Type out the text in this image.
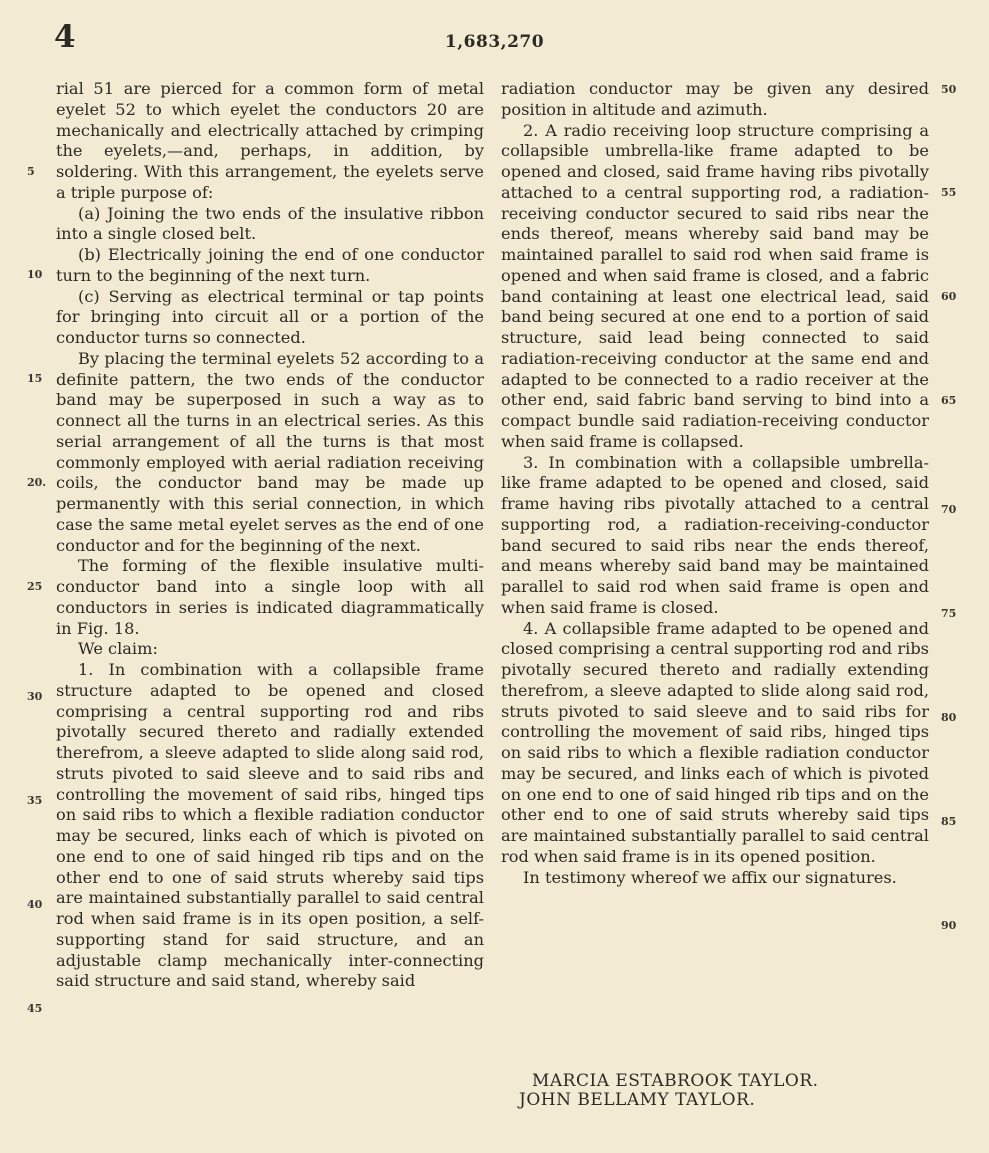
4	1,683,270

rial 51 are pierced for a common form of metal eyelet 52 to which eyelet the conductors 20 are mechanically and electrically attached by crimping the eyelets,—and, perhaps, in addition, by soldering. With this arrangement, the eyelets serve a triple purpose of:

(a) Joining the two ends of the insulative ribbon into a single closed belt.

(b) Electrically joining the end of one conductor turn to the beginning of the next turn.

(c) Serving as electrical terminal or tap points for bringing into circuit all or a portion of the conductor turns so connected.

By placing the terminal eyelets 52 according to a definite pattern, the two ends of the conductor band may be superposed in such a way as to connect all the turns in an electrical series. As this serial arrangement of all the turns is that most commonly employed with aerial radiation receiving coils, the conductor band may be made up permanently with this serial connection, in which case the same metal eyelet serves as the end of one conductor and for the beginning of the next.

The forming of the flexible insulative multi-conductor band into a single loop with all conductors in series is indicated diagrammatically in Fig. 18.

We claim:

1. In combination with a collapsible frame structure adapted to be opened and closed comprising a central supporting rod and ribs pivotally secured thereto and radially extended therefrom, a sleeve adapted to slide along said rod, struts pivoted to said sleeve and to said ribs and controlling the movement of said ribs, hinged tips on said ribs to which a flexible radiation conductor may be secured, links each of which is pivoted on one end to one of said hinged rib tips and on the other end to one of said struts whereby said tips are maintained substantially parallel to said central rod when said frame is in its open position, a self-supporting stand for said structure, and an adjustable clamp mechanically inter-connecting said structure and said stand, whereby said

radiation conductor may be given any desired position in altitude and azimuth.

2. A radio receiving loop structure comprising a collapsible umbrella-like frame adapted to be opened and closed, said frame having ribs pivotally attached to a central supporting rod, a radiation-receiving conductor secured to said ribs near the ends thereof, means whereby said band may be maintained parallel to said rod when said frame is opened and when said frame is closed, and a fabric band containing at least one electrical lead, said band being secured at one end to a portion of said structure, said lead being connected to said radiation-receiving conductor at the same end and adapted to be connected to a radio receiver at the other end, said fabric band serving to bind into a compact bundle said radiation-receiving conductor when said frame is collapsed.

3. In combination with a collapsible umbrella-like frame adapted to be opened and closed, said frame having ribs pivotally attached to a central supporting rod, a radiation-receiving-conductor band secured to said ribs near the ends thereof, and means whereby said band may be maintained parallel to said rod when said frame is open and when said frame is closed.

4. A collapsible frame adapted to be opened and closed comprising a central supporting rod and ribs pivotally secured thereto and radially extending therefrom, a sleeve adapted to slide along said rod, struts pivoted to said sleeve and to said ribs for controlling the movement of said ribs, hinged tips on said ribs to which a flexible radiation conductor may be secured, and links each of which is pivoted on one end to one of said hinged rib tips and on the other end to one of said struts whereby said tips are maintained substantially parallel to said central rod when said frame is in its opened position.

In testimony whereof we affix our signatures.

MARCIA ESTABROOK TAYLOR.
JOHN BELLAMY TAYLOR.
5
10
15
20.
25
30
35
40
45
50
55
60
65
70
75
80
85
90
